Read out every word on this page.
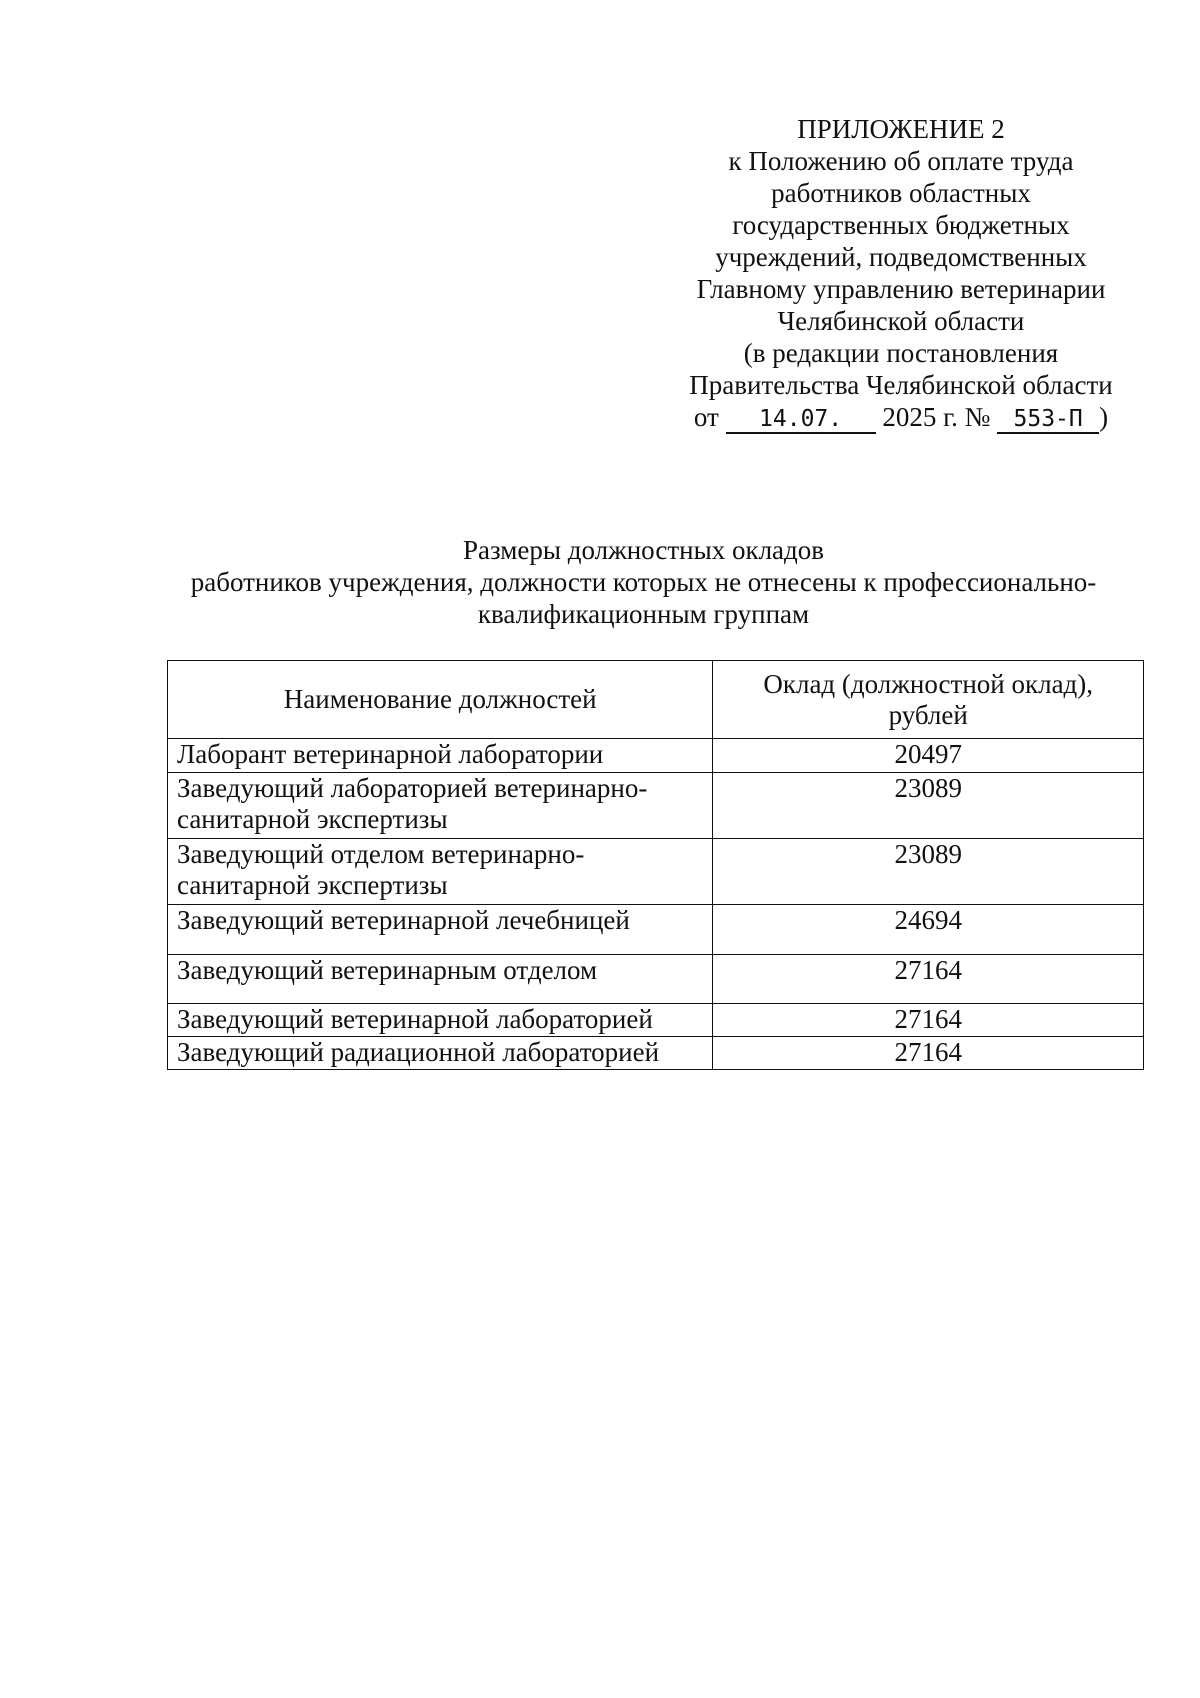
ПРИЛОЖЕНИЕ 2
к Положению об оплате труда
работников областных
государственных бюджетных
учреждений, подведомственных
Главному управлению ветеринарии
Челябинской области
(в редакции постановления
Правительства Челябинской области
от 14.07. 2025 г. № 553-П )
Размеры должностных окладов
работников учреждения, должности которых не отнесены к профессионально-
квалификационным группам
Наименование должностей	Оклад (должностной оклад), рублей
Лаборант ветеринарной лаборатории	20497
Заведующий лабораторией ветеринарно-санитарной экспертизы	23089
Заведующий отделом ветеринарно-санитарной экспертизы	23089
Заведующий ветеринарной лечебницей	24694
Заведующий ветеринарным отделом	27164
Заведующий ветеринарной лабораторией	27164
Заведующий радиационной лабораторией	27164
